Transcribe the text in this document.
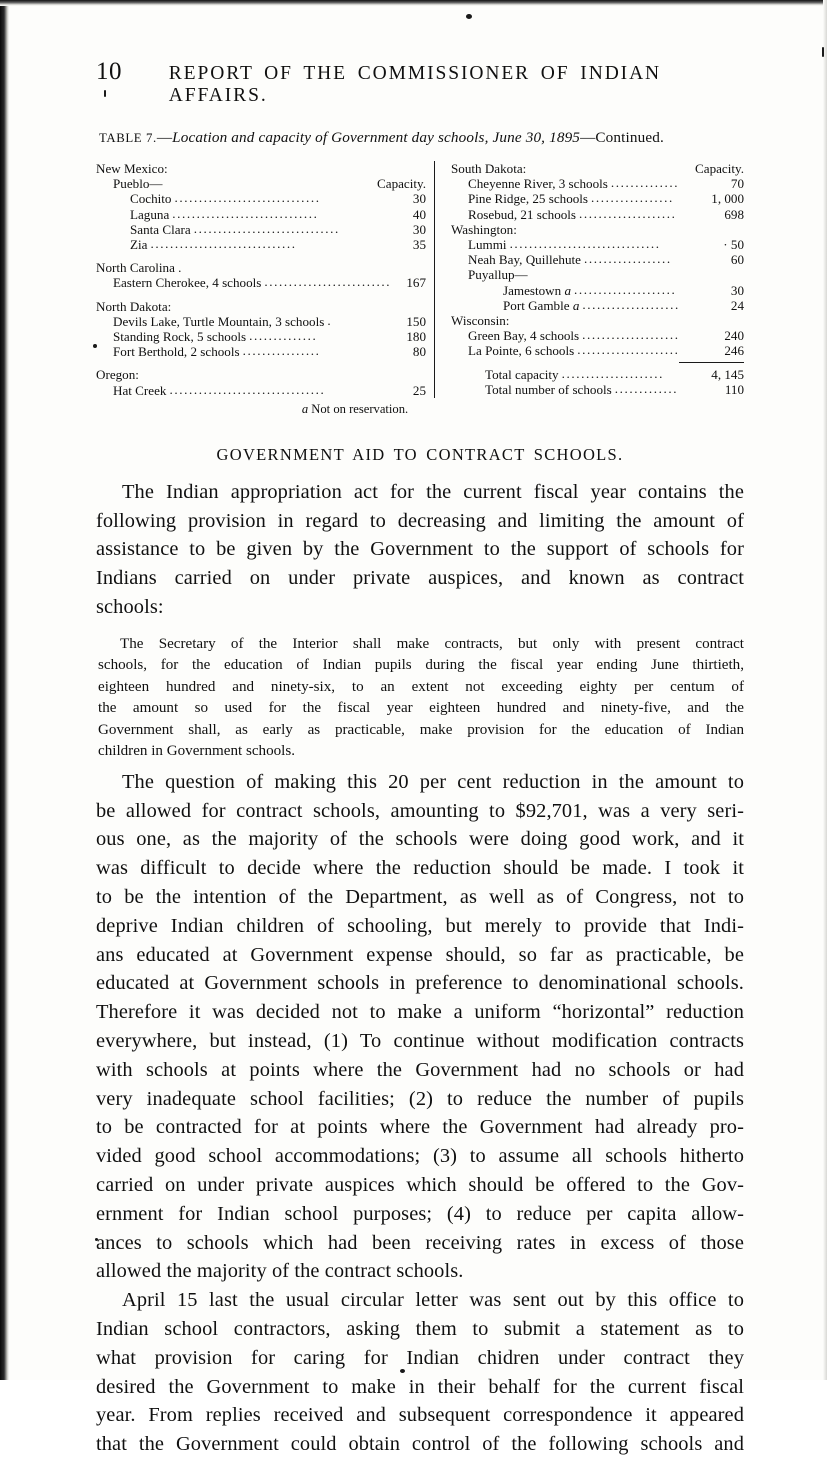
10	REPORT OF THE COMMISSIONER OF INDIAN AFFAIRS.
TABLE 7.—Location and capacity of Government day schools, June 30, 1895—Continued.
New Mexico:
Pueblo—	Capacity.
Cochito ..............................	30
Laguna ..............................	40
Santa Clara ..............................	30
Zia ..............................	35
North Carolina .
Eastern Cherokee, 4 schools ..........................	167
North Dakota:
Devils Lake, Turtle Mountain, 3 schools .	150
Standing Rock, 5 schools ..............	180
Fort Berthold, 2 schools ................	80
Oregon:
Hat Creek ................................	25
South Dakota:	Capacity.
Cheyenne River, 3 schools ..............	70
Pine Ridge, 25 schools .................	1, 000
Rosebud, 21 schools ....................	698
Washington:
Lummi ...............................	· 50
Neah Bay, Quillehute ..................	60
Puyallup—
Jamestown a .....................	30
Port Gamble a ....................	24
Wisconsin:
Green Bay, 4 schools ....................	240
La Pointe, 6 schools .....................	246
Total capacity .....................	4, 145
Total number of schools .............	110
a Not on reservation.
GOVERNMENT AID TO CONTRACT SCHOOLS.

The Indian appropriation act for the current fiscal year contains the
following provision in regard to decreasing and limiting the amount of
assistance to be given by the Government to the support of schools for
Indians carried on under private auspices, and known as contract
schools:

The Secretary of the Interior shall make contracts, but only with present contract
schools, for the education of Indian pupils during the fiscal year ending June thirtieth,
eighteen hundred and ninety-six, to an extent not exceeding eighty per centum of
the amount so used for the fiscal year eighteen hundred and ninety-five, and the
Government shall, as early as practicable, make provision for the education of Indian
children in Government schools.

The question of making this 20 per cent reduction in the amount to
be allowed for contract schools, amounting to $92,701, was a very seri-
ous one, as the majority of the schools were doing good work, and it
was difficult to decide where the reduction should be made. I took it
to be the intention of the Department, as well as of Congress, not to
deprive Indian children of schooling, but merely to provide that Indi-
ans educated at Government expense should, so far as practicable, be
educated at Government schools in preference to denominational schools.
Therefore it was decided not to make a uniform “horizontal” reduction
everywhere, but instead, (1) To continue without modification contracts
with schools at points where the Government had no schools or had
very inadequate school facilities; (2) to reduce the number of pupils
to be contracted for at points where the Government had already pro-
vided good school accommodations; (3) to assume all schools hitherto
carried on under private auspices which should be offered to the Gov-
ernment for Indian school purposes; (4) to reduce per capita allow-
ances to schools which had been receiving rates in excess of those
allowed the majority of the contract schools.

April 15 last the usual circular letter was sent out by this office to
Indian school contractors, asking them to submit a statement as to
what provision for caring for Indian chidren under contract they
desired the Government to make in their behalf for the current fiscal
year. From replies received and subsequent correspondence it appeared
that the Government could obtain control of the following schools and
